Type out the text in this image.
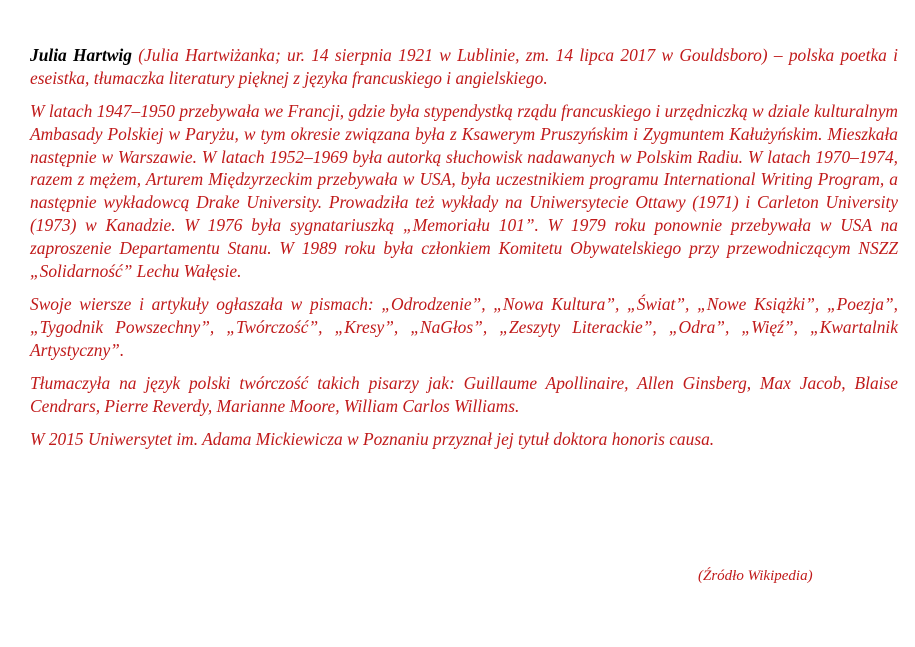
Julia Hartwig (Julia Hartwiżanka; ur. 14 sierpnia 1921 w Lublinie, zm. 14 lipca 2017 w Gouldsboro) – polska poetka i eseistka, tłumaczka literatury pięknej z języka francuskiego i angielskiego.

W latach 1947–1950 przebywała we Francji, gdzie była stypendystką rządu francuskiego i urzędniczką w dziale kulturalnym Ambasady Polskiej w Paryżu, w tym okresie związana była z Ksawerym Pruszyńskim i Zygmuntem Kałużyńskim. Mieszkała następnie w Warszawie. W latach 1952–1969 była autorką słuchowisk nadawanych w Polskim Radiu. W latach 1970–1974, razem z mężem, Arturem Międzyrzeckim przebywała w USA, była uczestnikiem programu International Writing Program, a następnie wykładowcą Drake University. Prowadziła też wykłady na Uniwersytecie Ottawy (1971) i Carleton University (1973) w Kanadzie. W 1976 była sygnatariuszką „Memoriału 101”. W 1979 roku ponownie przebywała w USA na zaproszenie Departamentu Stanu. W 1989 roku była członkiem Komitetu Obywatelskiego przy przewodniczącym NSZZ „Solidarność” Lechu Wałęsie.

Swoje wiersze i artykuły ogłaszała w pismach: „Odrodzenie”, „Nowa Kultura”, „Świat”, „Nowe Książki”, „Poezja”, „Tygodnik Powszechny”, „Twórczość”, „Kresy”, „NaGłos”, „Zeszyty Literackie”, „Odra”, „Więź”, „Kwartalnik Artystyczny”.

Tłumaczyła na język polski twórczość takich pisarzy jak: Guillaume Apollinaire, Allen Ginsberg, Max Jacob, Blaise Cendrars, Pierre Reverdy, Marianne Moore, William Carlos Williams.

W 2015 Uniwersytet im. Adama Mickiewicza w Poznaniu przyznał jej tytuł doktora honoris causa.

(Źródło Wikipedia)
